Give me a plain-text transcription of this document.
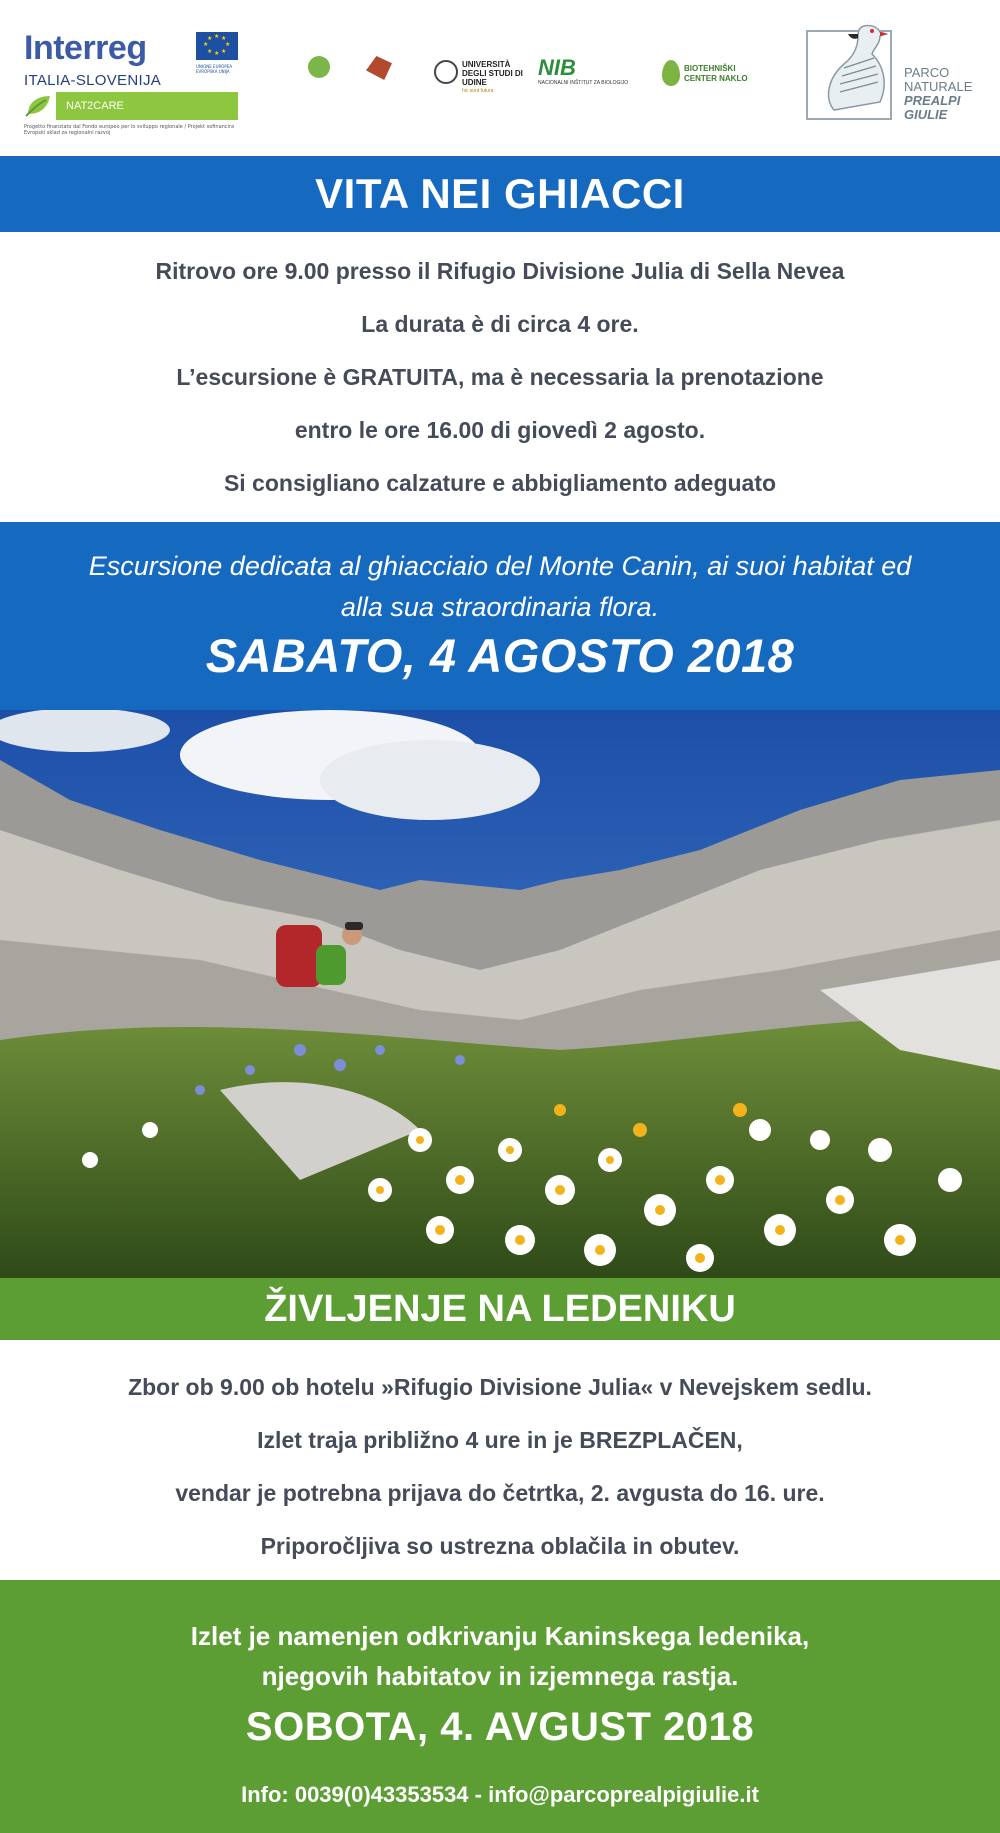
Interreg	★ ★
★
★
★
★
★
★
UNIONE EUROPEA EVROPSKA UNIJA
ITALIA-SLOVENIJA
NAT2CARE
Progetto finanziato dal Fondo europeo per lo sviluppo regionale / Projekt sofinancira Evropski sklad za regionalni razvoj
UNIVERSITÀ DEGLI STUDI DI UDINE
hic sunt futura
NIB
NACIONALNI INŠTITUT ZA BIOLOGIJO
BIOTEHNIŠKI CENTER NAKLO	PARCO
NATURALE
PREALPI
GIULIE
VITA NEI GHIACCI
Ritrovo ore 9.00 presso il Rifugio Divisione Julia di Sella Nevea
La durata è di circa 4 ore.
L’escursione è GRATUITA, ma è necessaria la prenotazione
entro le ore 16.00 di giovedì 2 agosto.
Si consigliano calzature e abbigliamento adeguato
Escursione dedicata al ghiacciaio del Monte Canin, ai suoi habitat ed
alla sua straordinaria flora.
SABATO, 4 AGOSTO 2018
ŽIVLJENJE NA LEDENIKU
Zbor ob 9.00 ob hotelu »Rifugio Divisione Julia« v Nevejskem sedlu.
Izlet traja približno 4 ure in je BREZPLAČEN,
vendar je potrebna prijava do četrtka, 2. avgusta do 16. ure.
Priporočljiva so ustrezna oblačila in obutev.
Izlet je namenjen odkrivanju Kaninskega ledenika,
njegovih habitatov in izjemnega rastja.
SOBOTA, 4. AVGUST 2018
Info: 0039(0)43353534 - info@parcoprealpigiulie.it
